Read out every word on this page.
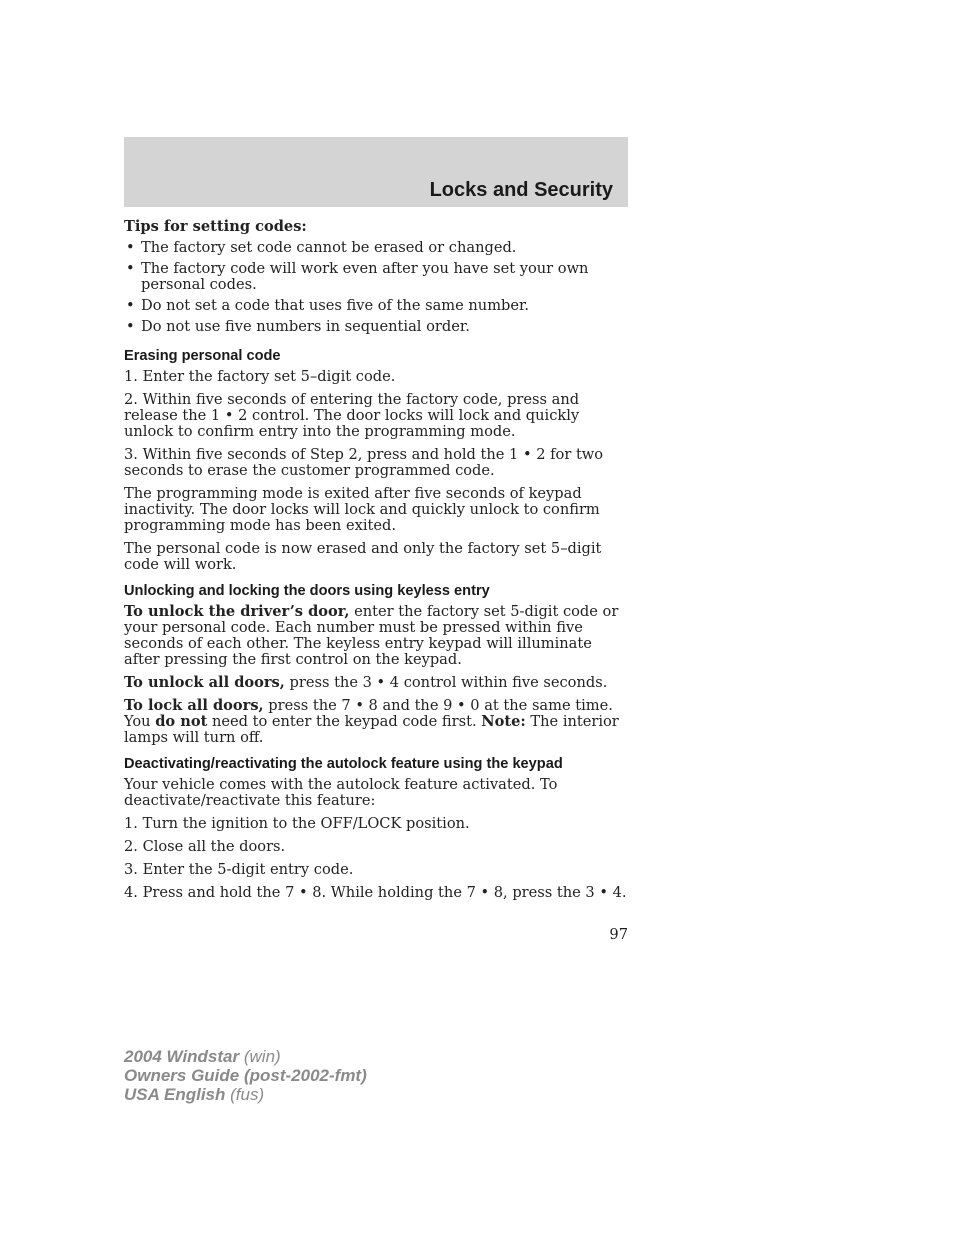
Locks and Security

Tips for setting codes:

• The factory set code cannot be erased or changed.
• The factory code will work even after you have set your own personal codes.
• Do not set a code that uses five of the same number.
• Do not use five numbers in sequential order.
Erasing personal code

1. Enter the factory set 5–digit code.

2. Within five seconds of entering the factory code, press and release the 1 • 2 control. The door locks will lock and quickly unlock to confirm entry into the programming mode.

3. Within five seconds of Step 2, press and hold the 1 • 2 for two seconds to erase the customer programmed code.

The programming mode is exited after five seconds of keypad inactivity. The door locks will lock and quickly unlock to confirm programming mode has been exited.

The personal code is now erased and only the factory set 5–digit code will work.

Unlocking and locking the doors using keyless entry

To unlock the driver’s door, enter the factory set 5-digit code or your personal code. Each number must be pressed within five seconds of each other. The keyless entry keypad will illuminate after pressing the first control on the keypad.

To unlock all doors, press the 3 • 4 control within five seconds.

To lock all doors, press the 7 • 8 and the 9 • 0 at the same time. You do not need to enter the keypad code first. Note: The interior lamps will turn off.

Deactivating/reactivating the autolock feature using the keypad

Your vehicle comes with the autolock feature activated. To deactivate/reactivate this feature:

1. Turn the ignition to the OFF/LOCK position.

2. Close all the doors.

3. Enter the 5-digit entry code.

4. Press and hold the 7 • 8. While holding the 7 • 8, press the 3 • 4.

97
2004 Windstar (win)
Owners Guide (post-2002-fmt)
USA English (fus)
